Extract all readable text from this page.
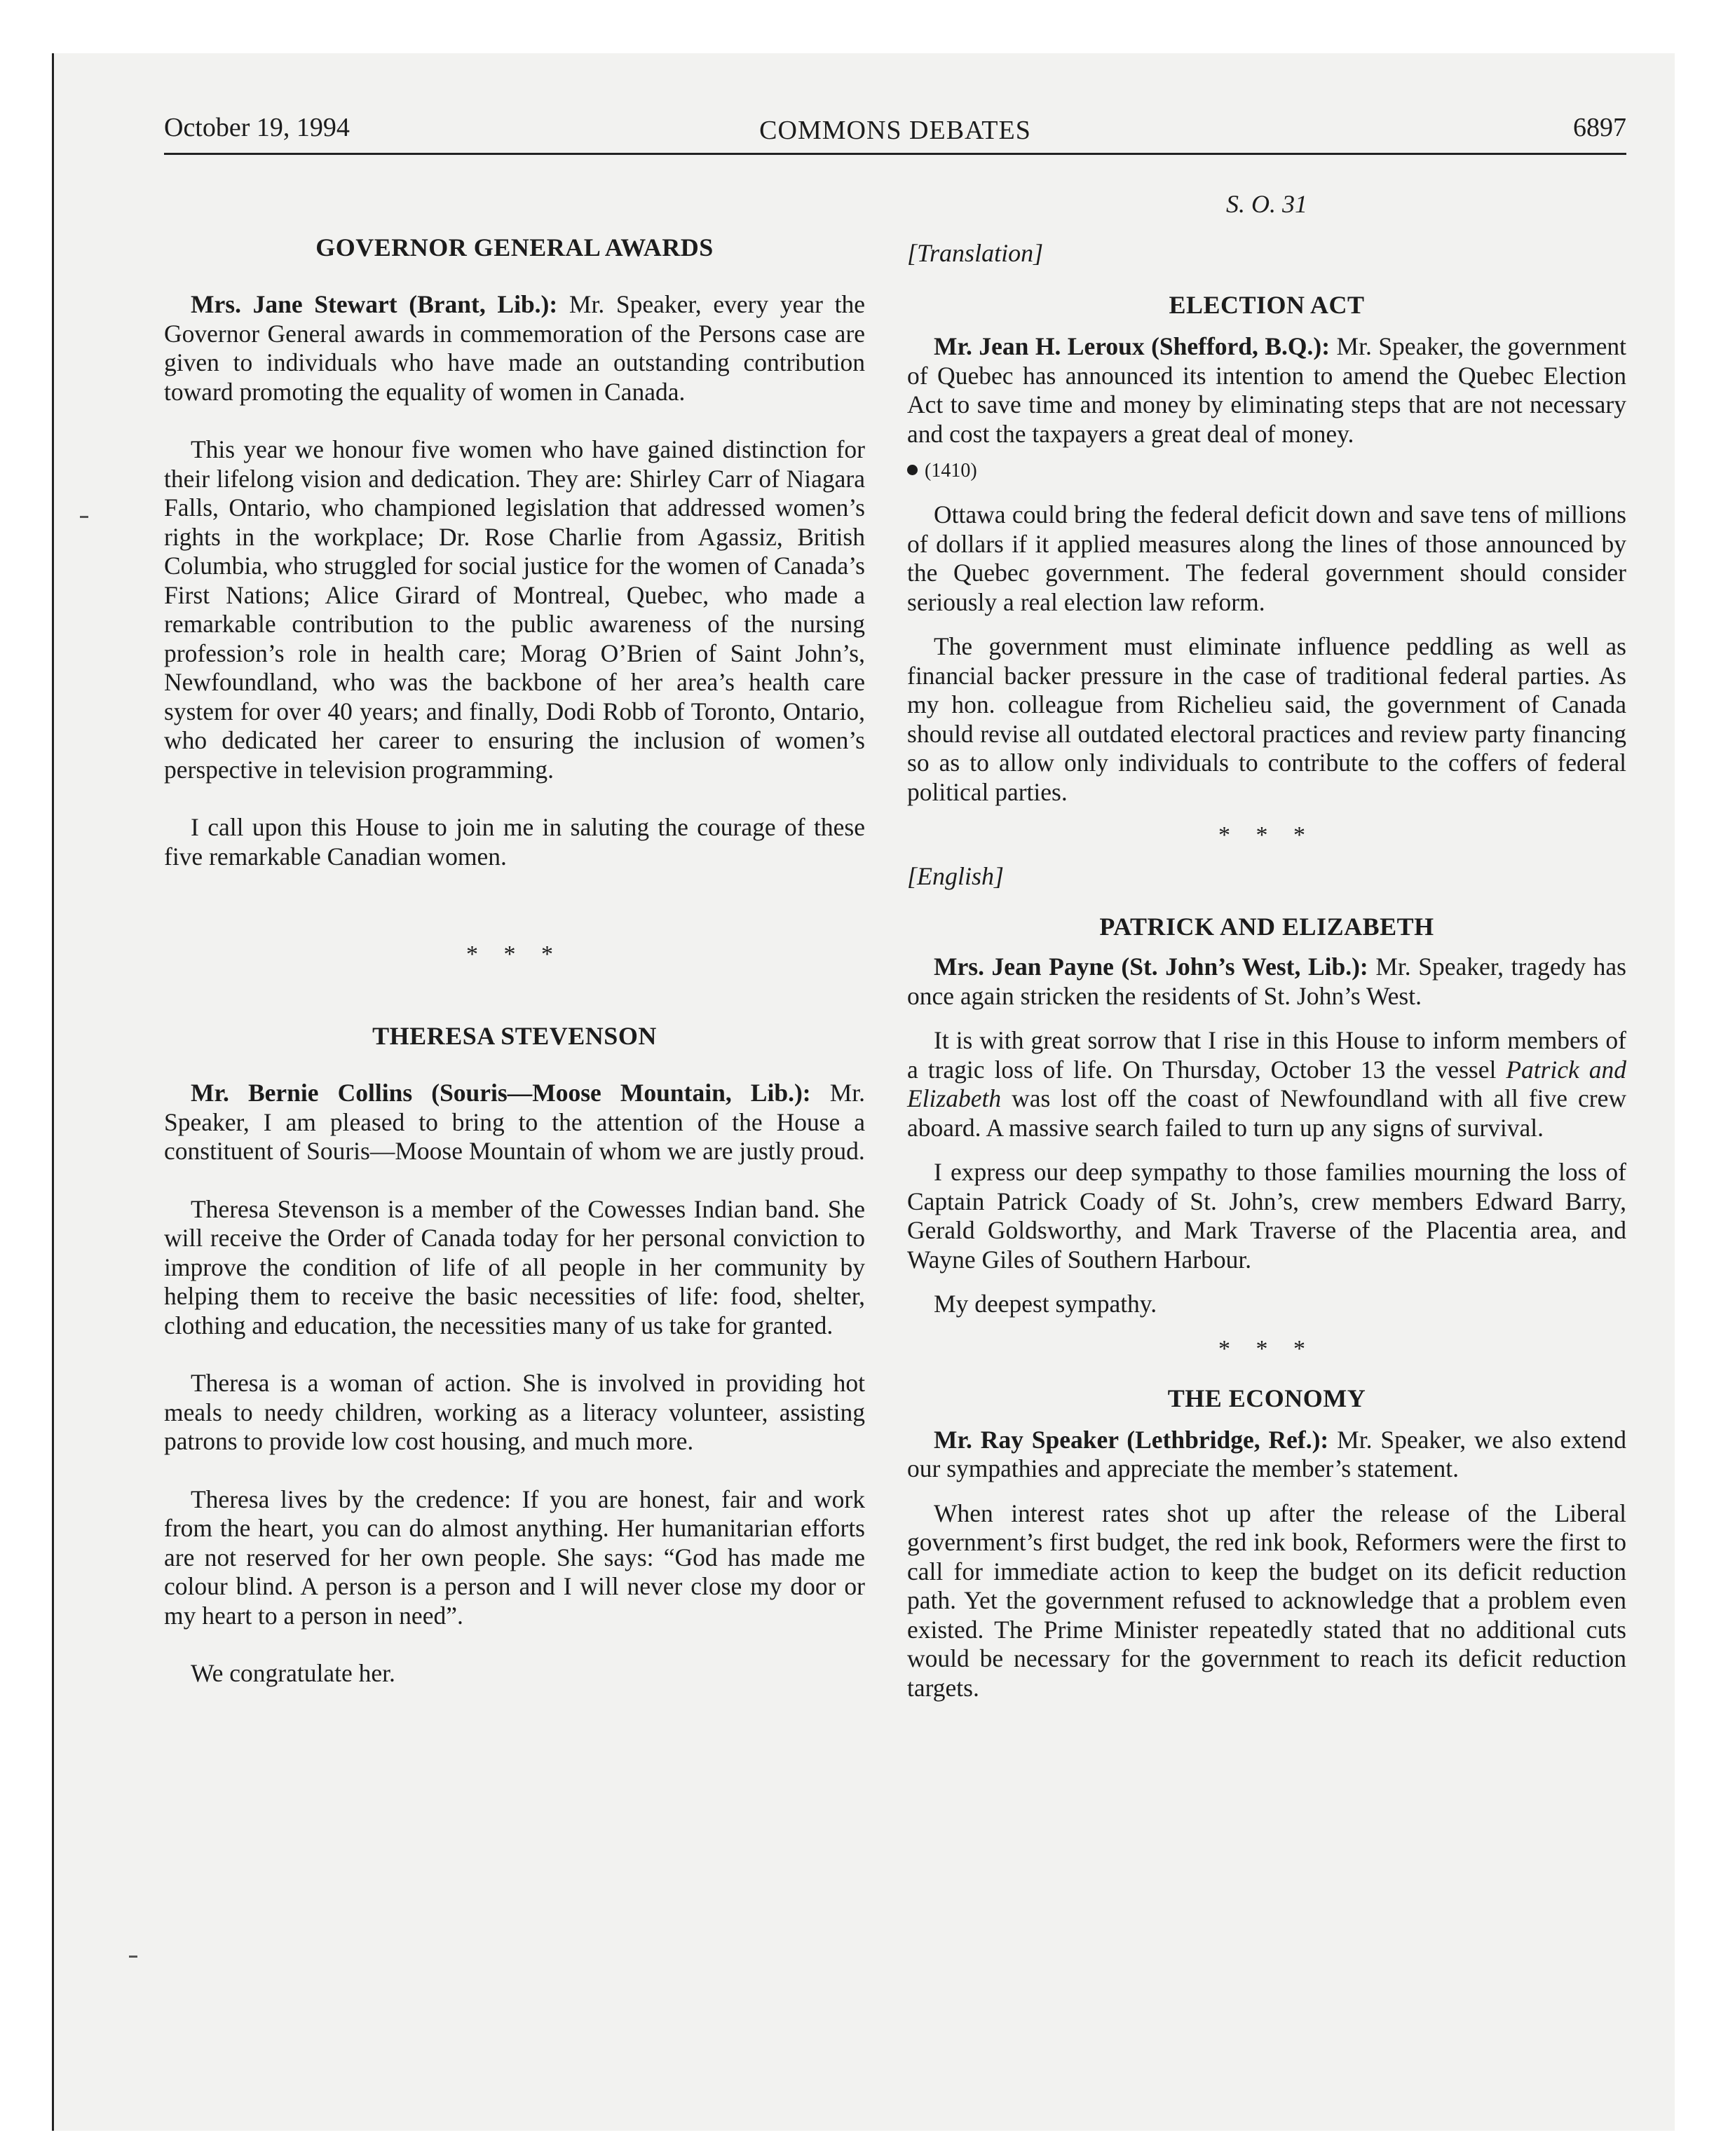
October 19, 1994	COMMONS DEBATES	6897
GOVERNOR GENERAL AWARDS

Mrs. Jane Stewart (Brant, Lib.): Mr. Speaker, every year the Governor General awards in commemoration of the Persons case are given to individuals who have made an outstanding contribution toward promoting the equality of women in Canada.

This year we honour five women who have gained distinction for their lifelong vision and dedication. They are: Shirley Carr of Niagara Falls, Ontario, who championed legislation that addressed women’s rights in the workplace; Dr. Rose Charlie from Agassiz, British Columbia, who struggled for social justice for the women of Canada’s First Nations; Alice Girard of Montreal, Quebec, who made a remarkable contribution to the public awareness of the nursing profession’s role in health care; Morag O’Brien of Saint John’s, Newfoundland, who was the backbone of her area’s health care system for over 40 years; and finally, Dodi Robb of Toronto, Ontario, who dedicated her career to ensuring the inclusion of women’s perspective in television programming.

I call upon this House to join me in saluting the courage of these five remarkable Canadian women.

* * *
THERESA STEVENSON

Mr. Bernie Collins (Souris—Moose Mountain, Lib.): Mr. Speaker, I am pleased to bring to the attention of the House a constituent of Souris—Moose Mountain of whom we are justly proud.

Theresa Stevenson is a member of the Cowesses Indian band. She will receive the Order of Canada today for her personal conviction to improve the condition of life of all people in her community by helping them to receive the basic necessities of life: food, shelter, clothing and education, the necessities many of us take for granted.

Theresa is a woman of action. She is involved in providing hot meals to needy children, working as a literacy volunteer, assisting patrons to provide low cost housing, and much more.

Theresa lives by the credence: If you are honest, fair and work from the heart, you can do almost anything. Her humanitarian efforts are not reserved for her own people. She says: “God has made me colour blind. A person is a person and I will never close my door or my heart to a person in need”.

We congratulate her.

S. O. 31
[Translation]
ELECTION ACT

Mr. Jean H. Leroux (Shefford, B.Q.): Mr. Speaker, the government of Quebec has announced its intention to amend the Quebec Election Act to save time and money by eliminating steps that are not necessary and cost the taxpayers a great deal of money.

(1410)

Ottawa could bring the federal deficit down and save tens of millions of dollars if it applied measures along the lines of those announced by the Quebec government. The federal government should consider seriously a real election law reform.

The government must eliminate influence peddling as well as financial backer pressure in the case of traditional federal parties. As my hon. colleague from Richelieu said, the government of Canada should revise all outdated electoral practices and review party financing so as to allow only individuals to contribute to the coffers of federal political parties.

* * *
[English]
PATRICK AND ELIZABETH

Mrs. Jean Payne (St. John’s West, Lib.): Mr. Speaker, tragedy has once again stricken the residents of St. John’s West.

It is with great sorrow that I rise in this House to inform members of a tragic loss of life. On Thursday, October 13 the vessel Patrick and Elizabeth was lost off the coast of Newfoundland with all five crew aboard. A massive search failed to turn up any signs of survival.

I express our deep sympathy to those families mourning the loss of Captain Patrick Coady of St. John’s, crew members Edward Barry, Gerald Goldsworthy, and Mark Traverse of the Placentia area, and Wayne Giles of Southern Harbour.

My deepest sympathy.

* * *
THE ECONOMY

Mr. Ray Speaker (Lethbridge, Ref.): Mr. Speaker, we also extend our sympathies and appreciate the member’s statement.

When interest rates shot up after the release of the Liberal government’s first budget, the red ink book, Reformers were the first to call for immediate action to keep the budget on its deficit reduction path. Yet the government refused to acknowledge that a problem even existed. The Prime Minister repeatedly stated that no additional cuts would be necessary for the government to reach its deficit reduction targets.
